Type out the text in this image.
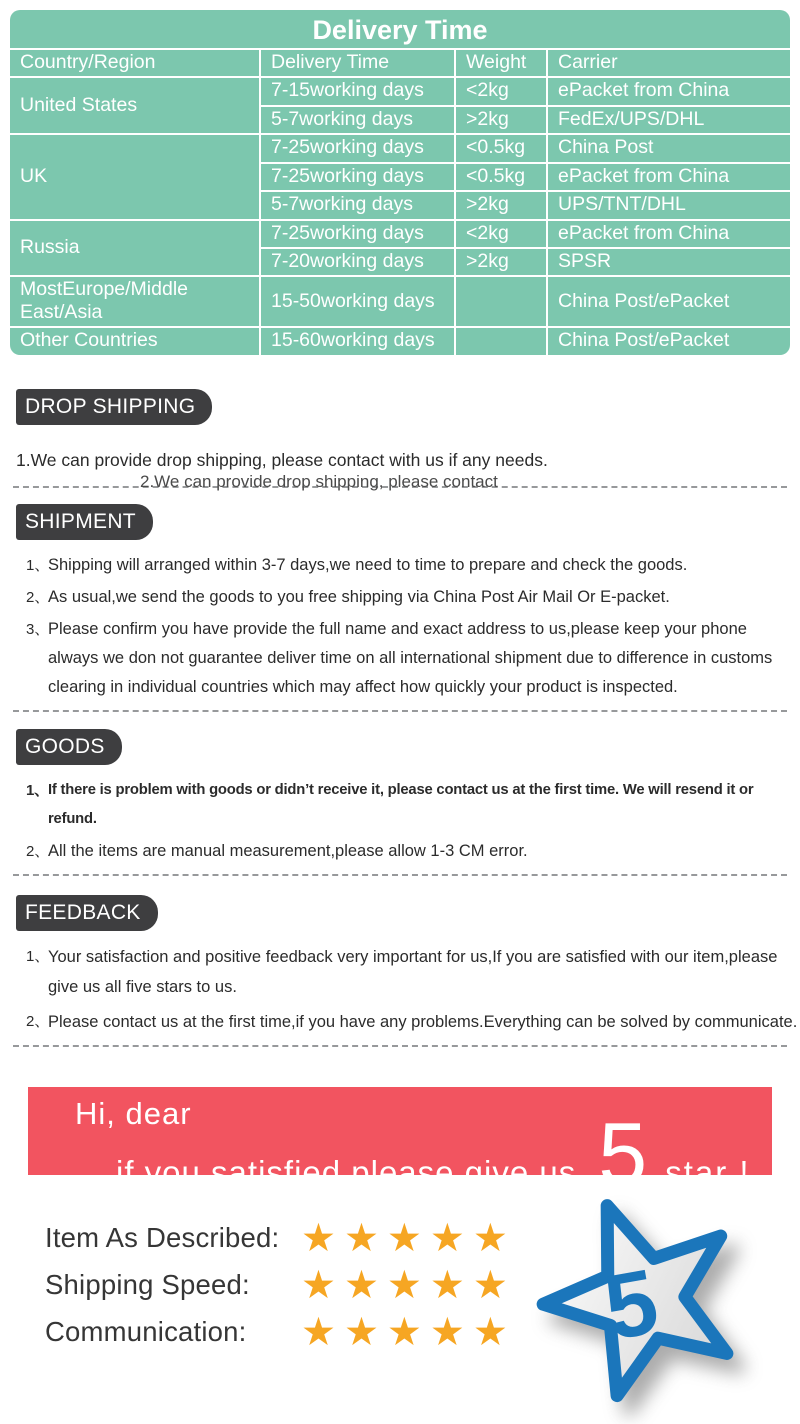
Delivery Time
Country/Region	Delivery Time	Weight	Carrier
United States	7-15working days	<2kg	ePacket from China
	5-7working days	>2kg	FedEx/UPS/DHL
UK	7-25working days	<0.5kg	China Post
	7-25working days	<0.5kg	ePacket from China
	5-7working days	>2kg	UPS/TNT/DHL
Russia	7-25working days	<2kg	ePacket from China
	7-20working days	>2kg	SPSR
MostEurope/Middle East/Asia	15-50working days		China Post/ePacket
Other Countries	15-60working days		China Post/ePacket
DROP SHIPPING
1.We can provide drop shipping, please contact with us if any needs.
2.We can provide drop shipping, please contact
SHIPMENT
1、
Shipping will arranged within 3-7 days,we need to time to prepare and check the goods.
2、
As usual,we send the goods to you free shipping via China Post Air Mail Or E-packet.
3、
Please confirm you have provide the full name and exact address to us,please keep your phone always we don not guarantee deliver time on all international shipment due to difference in customs clearing in individual countries which may affect how quickly your product is inspected.
GOODS
1、 If there is problem with goods or didn’t receive it, please contact us at the first time. We will resend it or refund.
2、
All the items are manual measurement,please allow 1-3 CM error.
FEEDBACK
1、
Your satisfaction and positive feedback very important for us,If you are satisfied with our item,please give us all five stars to us.
2、
Please contact us at the first time,if you have any problems.Everything can be solved by communicate.
Hi, dear
if you satisfied please give us 5 star !
Item As Described: ★★★★★
Shipping Speed:	★★★★★
Communication:	★★★★★ 5
